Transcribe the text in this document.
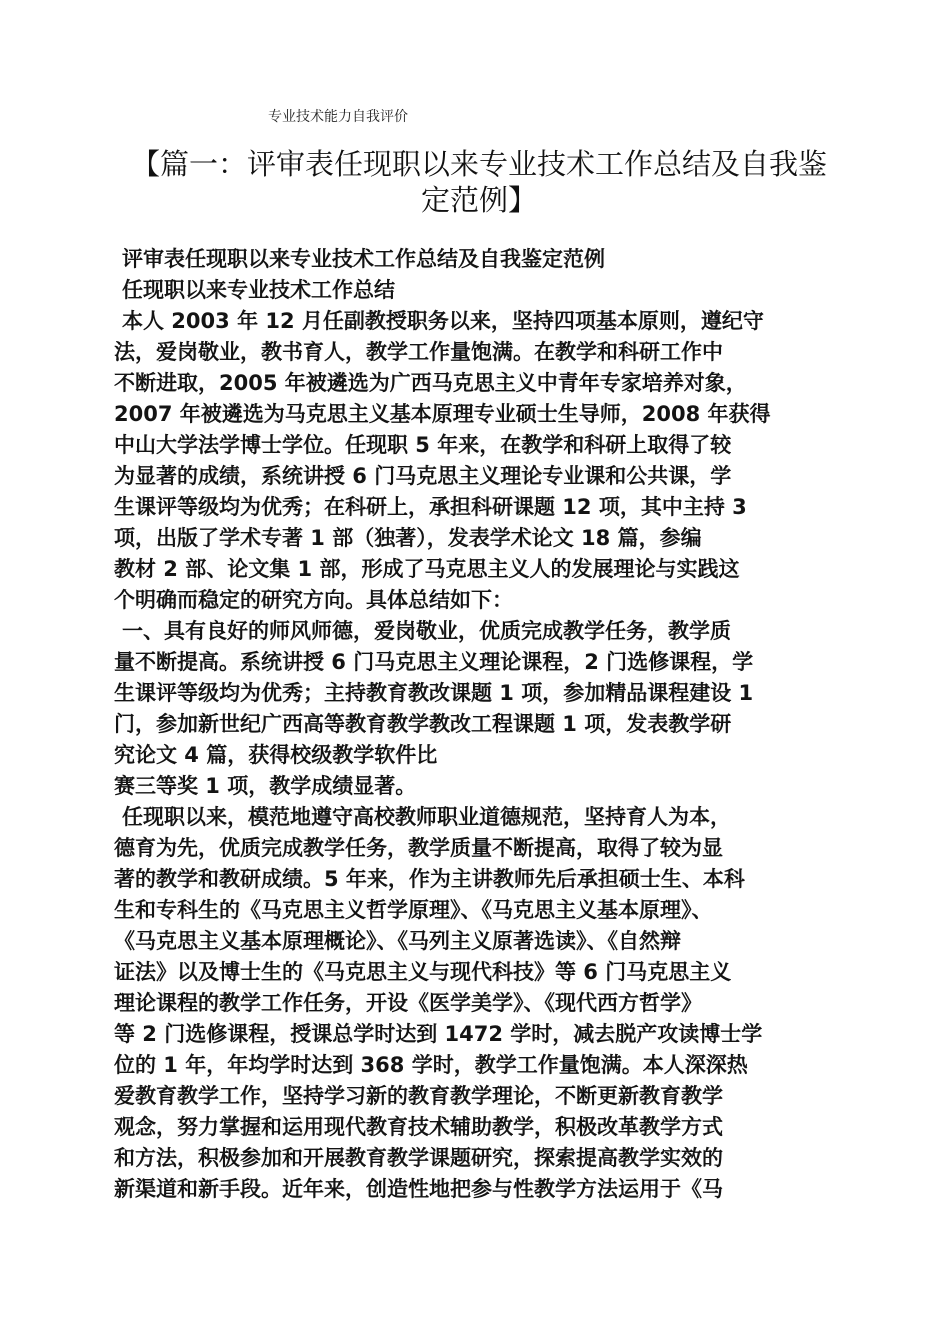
专业技术能力自我评价
【篇一：评审表任现职以来专业技术工作总结及自我鉴
定范例】
评审表任现职以来专业技术工作总结及自我鉴定范例
任现职以来专业技术工作总结
本人 2003 年 12 月任副教授职务以来，坚持四项基本原则，遵纪守
法，爱岗敬业，教书育人，教学工作量饱满。在教学和科研工作中
不断进取，2005 年被遴选为广西马克思主义中青年专家培养对象，
2007 年被遴选为马克思主义基本原理专业硕士生导师，2008 年获得
中山大学法学博士学位。任现职 5 年来，在教学和科研上取得了较
为显著的成绩，系统讲授 6 门马克思主义理论专业课和公共课，学
生课评等级均为优秀；在科研上，承担科研课题 12 项，其中主持 3
项，出版了学术专著 1 部（独著），发表学术论文 18 篇，参编
教材 2 部、论文集 1 部，形成了马克思主义人的发展理论与实践这
个明确而稳定的研究方向。具体总结如下：
一、具有良好的师风师德，爱岗敬业，优质完成教学任务，教学质
量不断提高。系统讲授 6 门马克思主义理论课程，2 门选修课程，学
生课评等级均为优秀；主持教育教改课题 1 项，参加精品课程建设 1
门，参加新世纪广西高等教育教学教改工程课题 1 项，发表教学研
究论文 4 篇，获得校级教学软件比
赛三等奖 1 项，教学成绩显著。
任现职以来，模范地遵守高校教师职业道德规范，坚持育人为本，
德育为先，优质完成教学任务，教学质量不断提高，取得了较为显
著的教学和教研成绩。5 年来，作为主讲教师先后承担硕士生、本科
生和专科生的《马克思主义哲学原理》、《马克思主义基本原理》、
《马克思主义基本原理概论》、《马列主义原著选读》、《自然辩
证法》以及博士生的《马克思主义与现代科技》等 6 门马克思主义
理论课程的教学工作任务，开设《医学美学》、《现代西方哲学》
等 2 门选修课程，授课总学时达到 1472 学时，减去脱产攻读博士学
位的 1 年，年均学时达到 368 学时，教学工作量饱满。本人深深热
爱教育教学工作，坚持学习新的教育教学理论，不断更新教育教学
观念，努力掌握和运用现代教育技术辅助教学，积极改革教学方式
和方法，积极参加和开展教育教学课题研究，探索提高教学实效的
新渠道和新手段。近年来，创造性地把参与性教学方法运用于《马
